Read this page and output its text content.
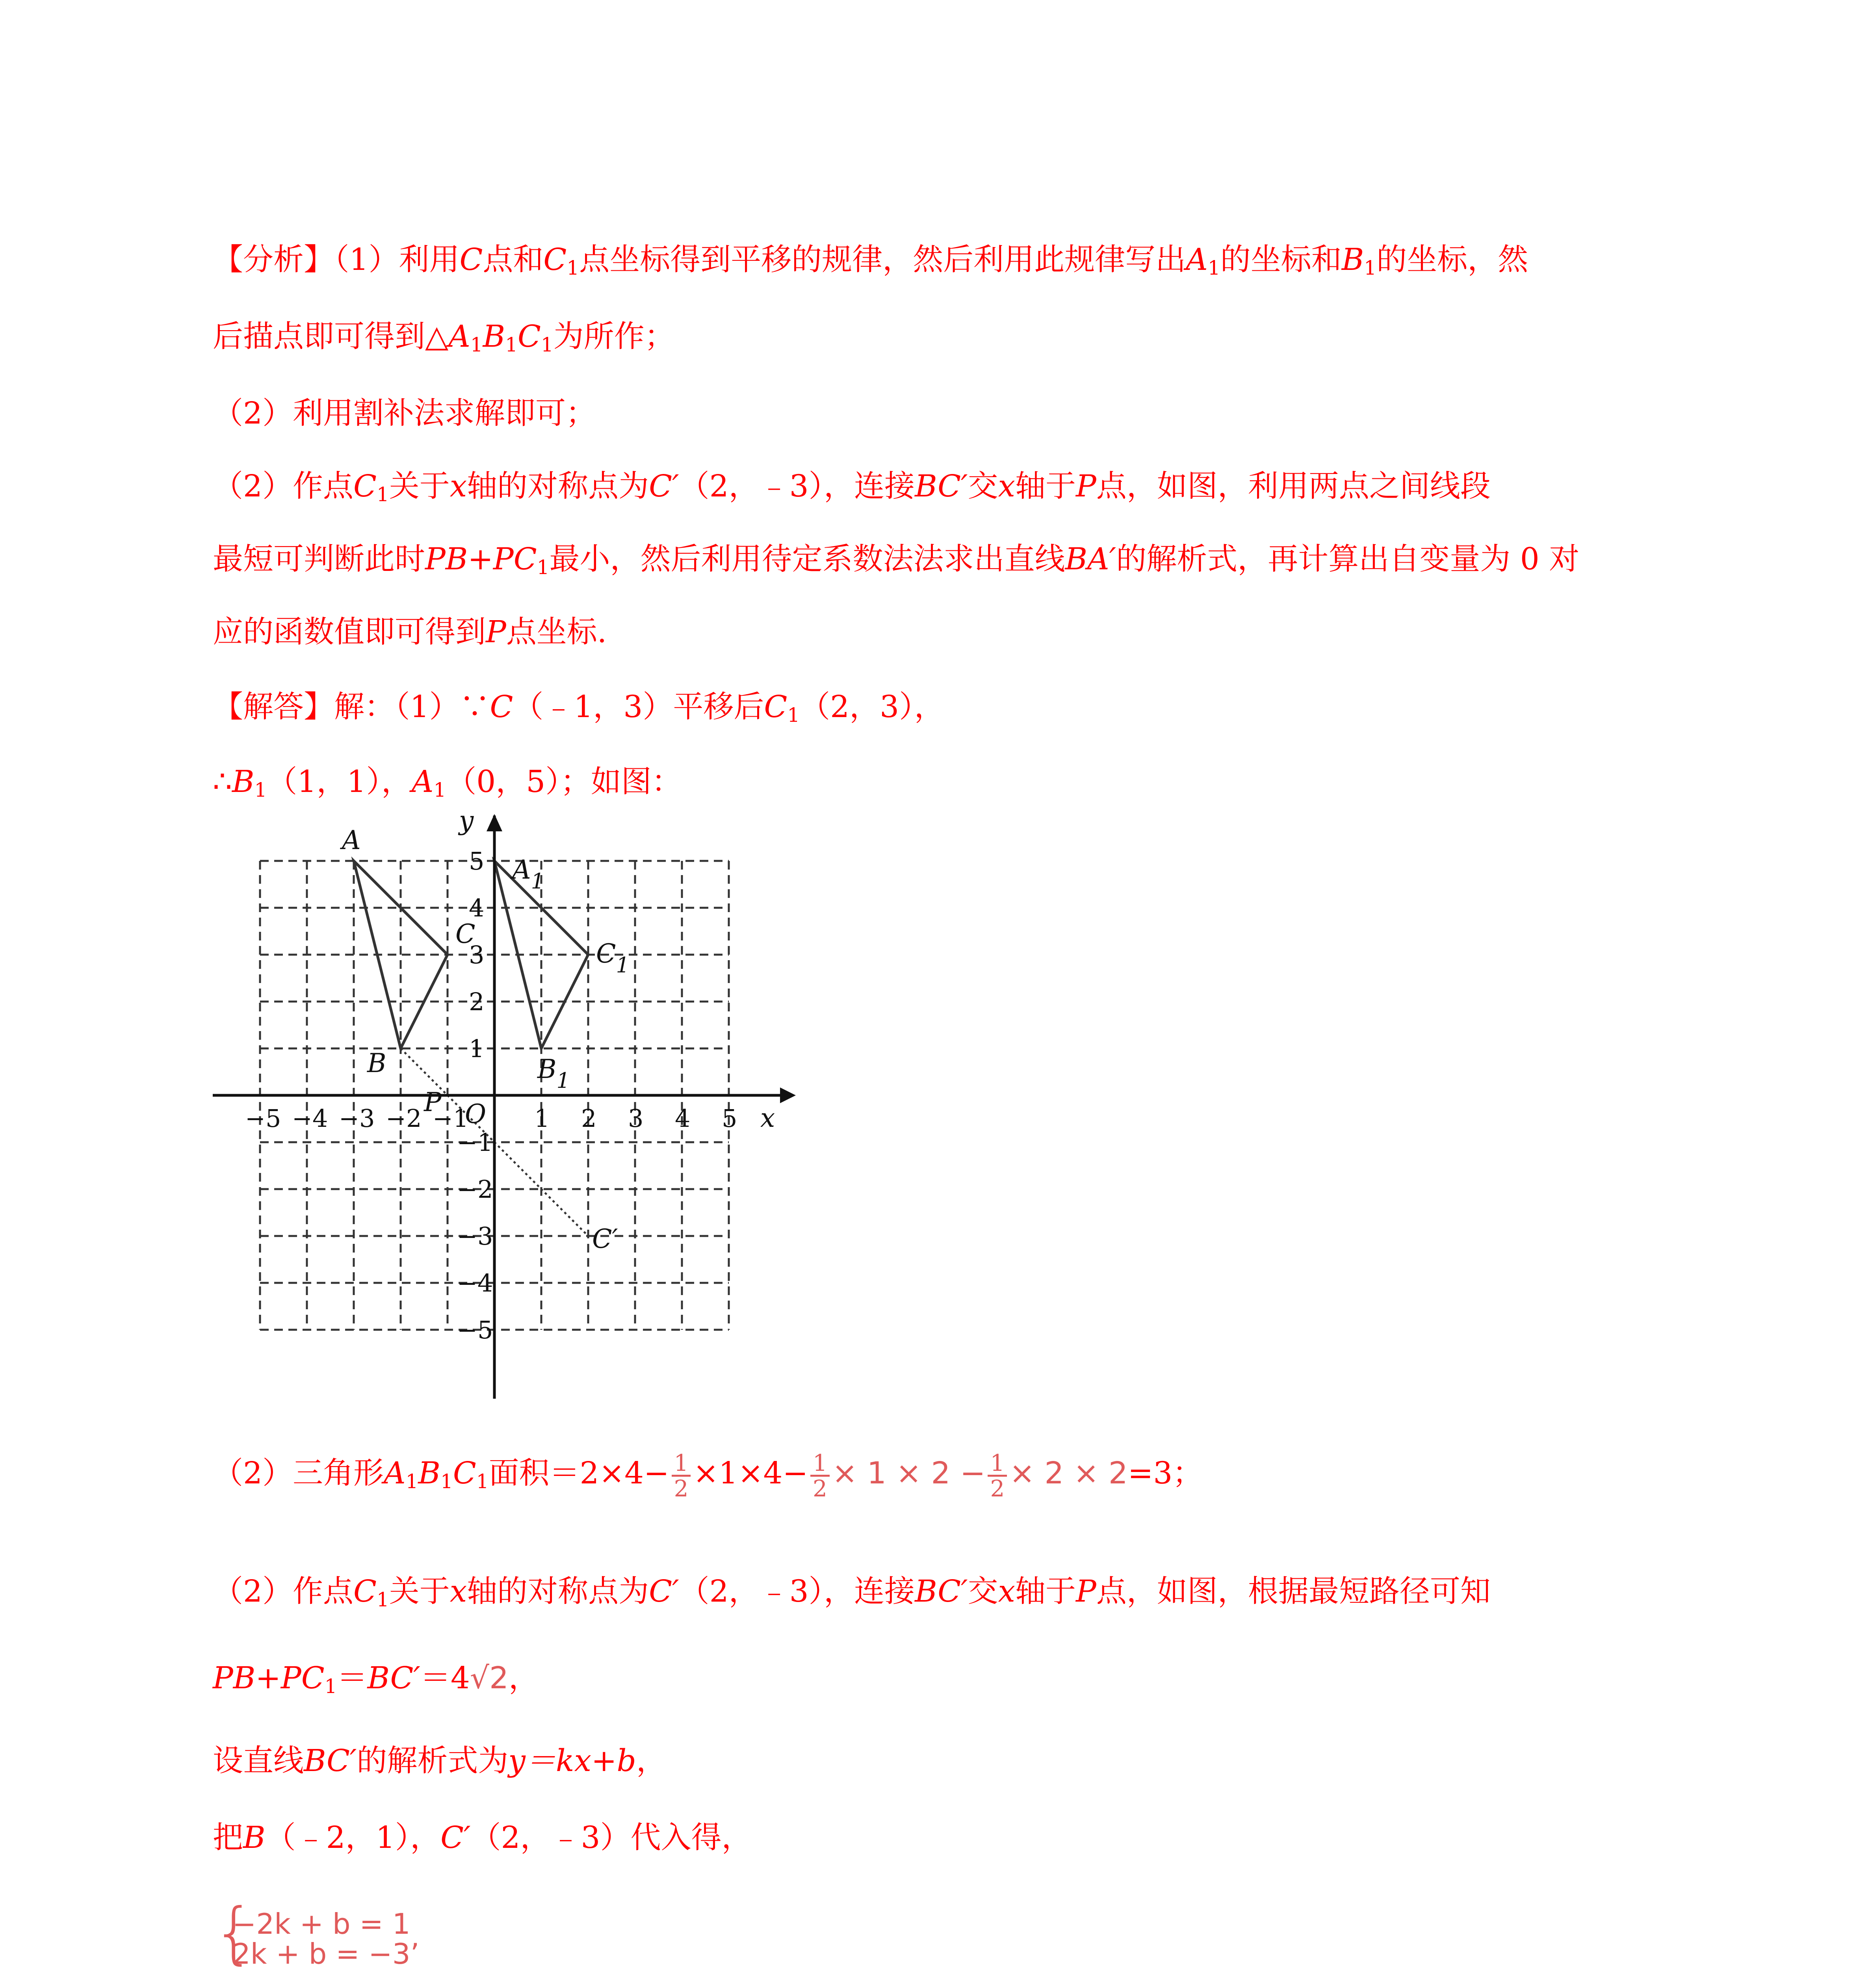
【分析】（1）利用C点和$C_1$点坐标得到平移的规律，然后利用此规律写出$A_1$的坐标和$B_1$的坐标，然
后描点即可得到$\triangle A_1B_1C_1$为所作；
（2）利用割补法求解即可；
（2）作点$C_1$关于x轴的对称点为C′（2，﹣3），连接BC′交x轴于P点，如图，利用两点之间线段
最短可判断此时$PB+PC_1$最小，然后利用待定系数法法求出直线BA′的解析式，再计算出自变量为 0 对
应的函数值即可得到P点坐标.
【解答】解：（1）∵C（﹣1，3）平移后$C_1(2$，3），
$\therefore B_1(1$，1），$A_1(0$，5）；如图：
−5 −4 −3 −2 −1	1 2 3 4 5
5
4
3
2
1
−1
−2
−3
−4
−5
A
B
C
$A_1$
$B_1$
$C_1$
C′
P
x
y
O
（2）三角形$A_1B_1C_1$面积$=2\times 4- \frac{1}{2} \times 1\times 4- \frac{1}{2} \times 1 \times 2 - \frac{1}{2} \times 2 \times 2=3$；
（2）作点$C_1$关于x轴的对称点为C′（2，﹣3），连接BC′交x轴于P点，如图，根据最短路径可知
$PB+PC_1=BC'=4√2$，
设直线BC′的解析式为y＝kx+b，
把B（﹣2，1），C′（2，﹣3）代入得，
{
−2k + b = 1
2k + b = −3’
